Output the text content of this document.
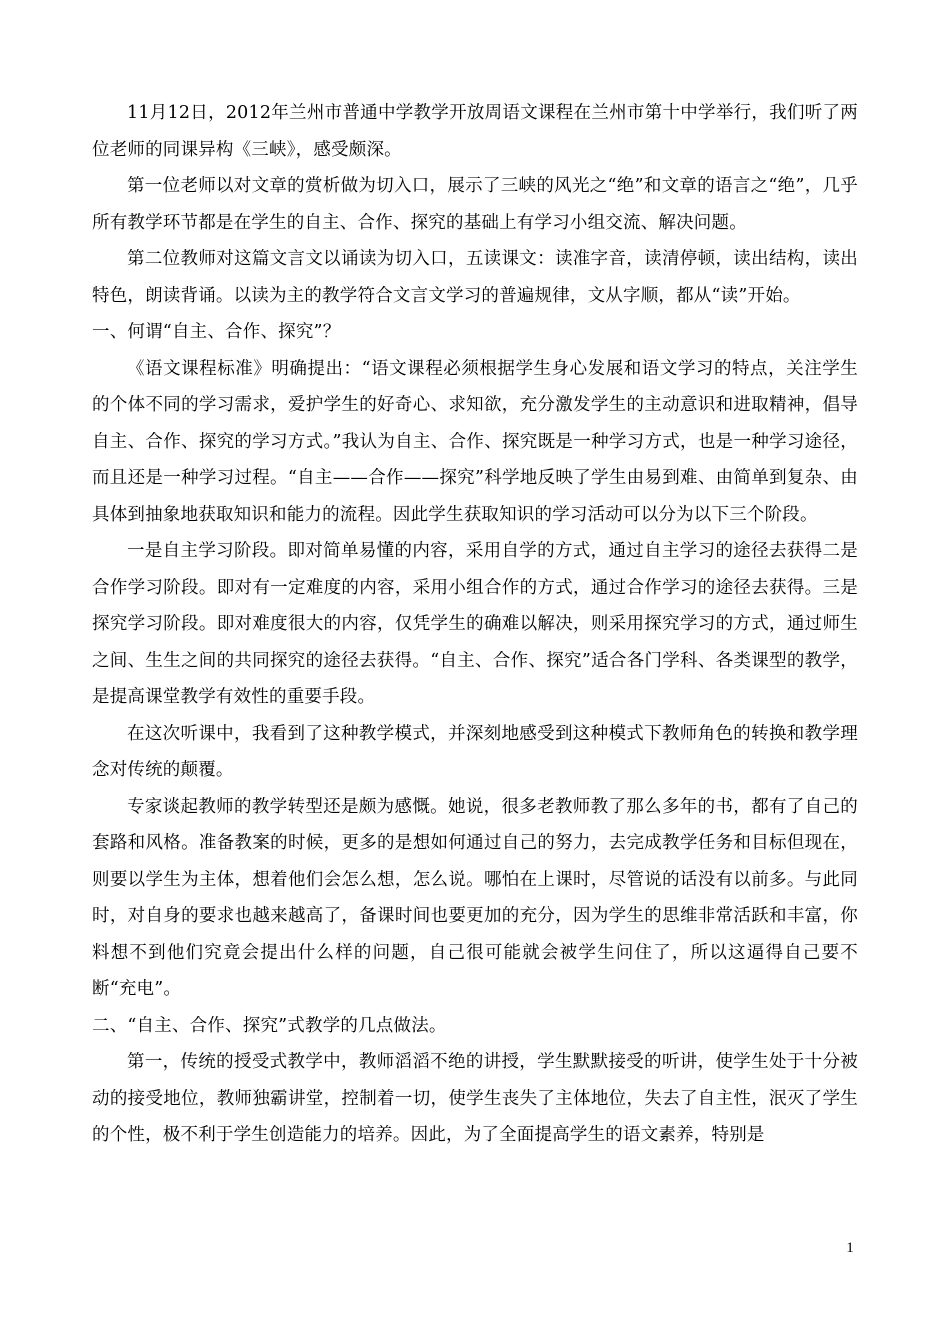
11月12日，2012年兰州市普通中学教学开放周语文课程在兰州市第十中学举行，我们听了两位老师的同课异构《三峡》，感受颇深。

第一位老师以对文章的赏析做为切入口，展示了三峡的风光之“绝”和文章的语言之“绝”，几乎所有教学环节都是在学生的自主、合作、探究的基础上有学习小组交流、解决问题。

第二位教师对这篇文言文以诵读为切入口，五读课文：读准字音，读清停顿，读出结构，读出特色，朗读背诵。以读为主的教学符合文言文学习的普遍规律，文从字顺，都从“读”开始。

一、何谓“自主、合作、探究”？

《语文课程标准》明确提出：“语文课程必须根据学生身心发展和语文学习的特点，关注学生的个体不同的学习需求，爱护学生的好奇心、求知欲，充分激发学生的主动意识和进取精神，倡导自主、合作、探究的学习方式。”我认为自主、合作、探究既是一种学习方式，也是一种学习途径，而且还是一种学习过程。“自主——合作——探究”科学地反映了学生由易到难、由简单到复杂、由具体到抽象地获取知识和能力的流程。因此学生获取知识的学习活动可以分为以下三个阶段。

一是自主学习阶段。即对简单易懂的内容，采用自学的方式，通过自主学习的途径去获得二是合作学习阶段。即对有一定难度的内容，采用小组合作的方式，通过合作学习的途径去获得。三是探究学习阶段。即对难度很大的内容，仅凭学生的确难以解决，则采用探究学习的方式，通过师生之间、生生之间的共同探究的途径去获得。“自主、合作、探究”适合各门学科、各类课型的教学，是提高课堂教学有效性的重要手段。

在这次听课中，我看到了这种教学模式，并深刻地感受到这种模式下教师角色的转换和教学理念对传统的颠覆。

专家谈起教师的教学转型还是颇为感慨。她说，很多老教师教了那么多年的书，都有了自己的套路和风格。准备教案的时候，更多的是想如何通过自己的努力，去完成教学任务和目标但现在，则要以学生为主体，想着他们会怎么想，怎么说。哪怕在上课时，尽管说的话没有以前多。与此同时，对自身的要求也越来越高了，备课时间也要更加的充分，因为学生的思维非常活跃和丰富，你料想不到他们究竟会提出什么样的问题，自己很可能就会被学生问住了，所以这逼得自己要不断“充电”。

二、“自主、合作、探究”式教学的几点做法。

第一，传统的授受式教学中，教师滔滔不绝的讲授，学生默默接受的听讲，使学生处于十分被动的接受地位，教师独霸讲堂，控制着一切，使学生丧失了主体地位，失去了自主性，泯灭了学生的个性，极不利于学生创造能力的培养。因此，为了全面提高学生的语文素养，特别是

1
